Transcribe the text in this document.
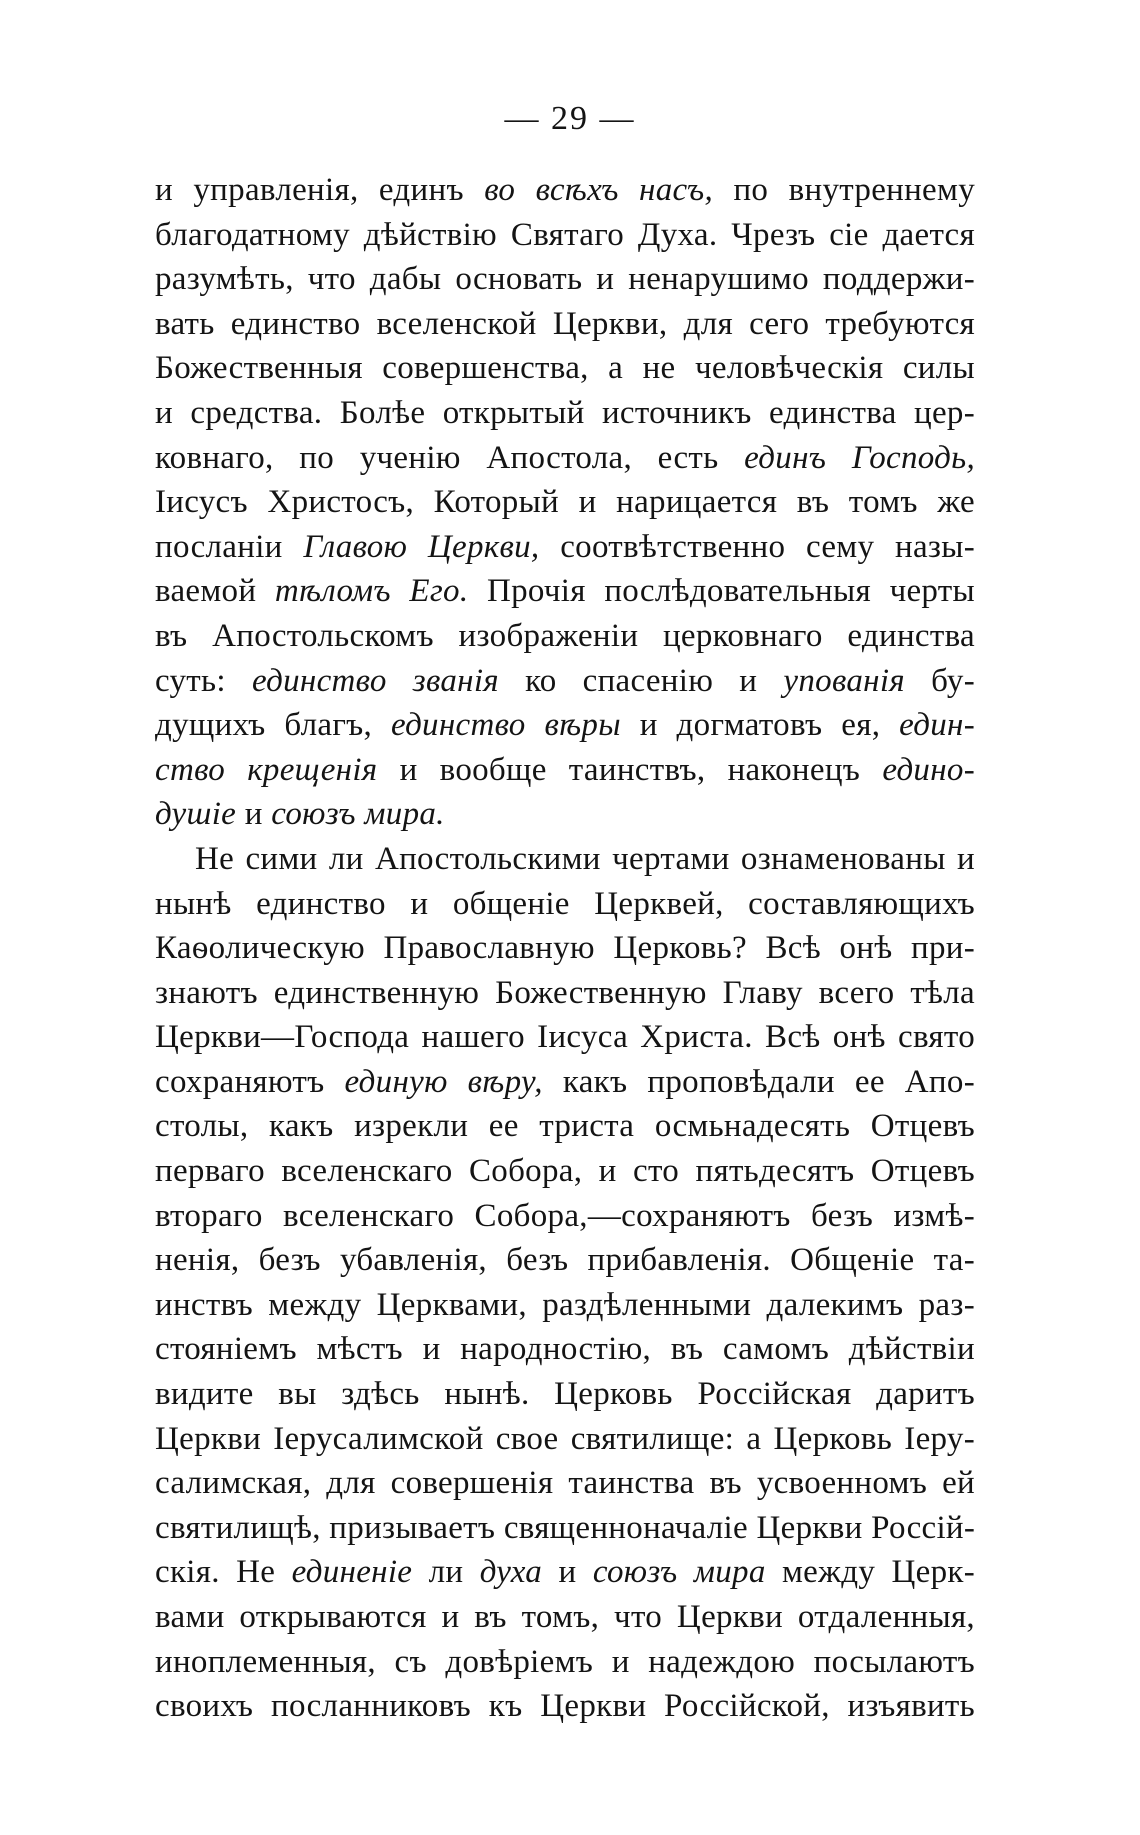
— 29 —
и управленія, единъ во всѣхъ насъ, по внутреннему
благодатному дѣйствію Святаго Духа. Чрезъ сіе дается
разумѣть, что дабы основать и ненарушимо поддержи-
вать единство вселенской Церкви, для сего требуются
Божественныя совершенства, а не человѣческія силы
и средства. Болѣе открытый источникъ единства цер-
ковнаго, по ученію Апостола, есть единъ Господь,
Іисусъ Христосъ, Который и нарицается въ томъ же
посланіи Главою Церкви, соотвѣтственно сему назы-
ваемой тѣломъ Его. Прочія послѣдовательныя черты
въ Апостольскомъ изображеніи церковнаго единства
суть: единство званія ко спасенію и упованія бу-
дущихъ благъ, единство вѣры и догматовъ ея, един-
ство крещенія и вообще таинствъ, наконецъ едино-
душіе и союзъ мира.
Не сими ли Апостольскими чертами ознаменованы и
нынѣ единство и общеніе Церквей, составляющихъ
Каѳолическую Православную Церковь? Всѣ онѣ при-
знаютъ единственную Божественную Главу всего тѣла
Церкви—Господа нашего Іисуса Христа. Всѣ онѣ свято
сохраняютъ единую вѣру, какъ проповѣдали ее Апо-
столы, какъ изрекли ее триста осмьнадесять Отцевъ
перваго вселенскаго Собора, и сто пятьдесятъ Отцевъ
втораго вселенскаго Собора,—сохраняютъ безъ измѣ-
ненія, безъ убавленія, безъ прибавленія. Общеніе та-
инствъ между Церквами, раздѣленными далекимъ раз-
стояніемъ мѣстъ и народностію, въ самомъ дѣйствіи
видите вы здѣсь нынѣ. Церковь Россійская даритъ
Церкви Іерусалимской свое святилище: а Церковь Іеру-
салимская, для совершенія таинства въ усвоенномъ ей
святилищѣ, призываетъ священноначаліе Церкви Россій-
скія. Не единеніе ли духа и союзъ мира между Церк-
вами открываются и въ томъ, что Церкви отдаленныя,
иноплеменныя, съ довѣріемъ и надеждою посылаютъ
своихъ посланниковъ къ Церкви Россійской, изъявить
